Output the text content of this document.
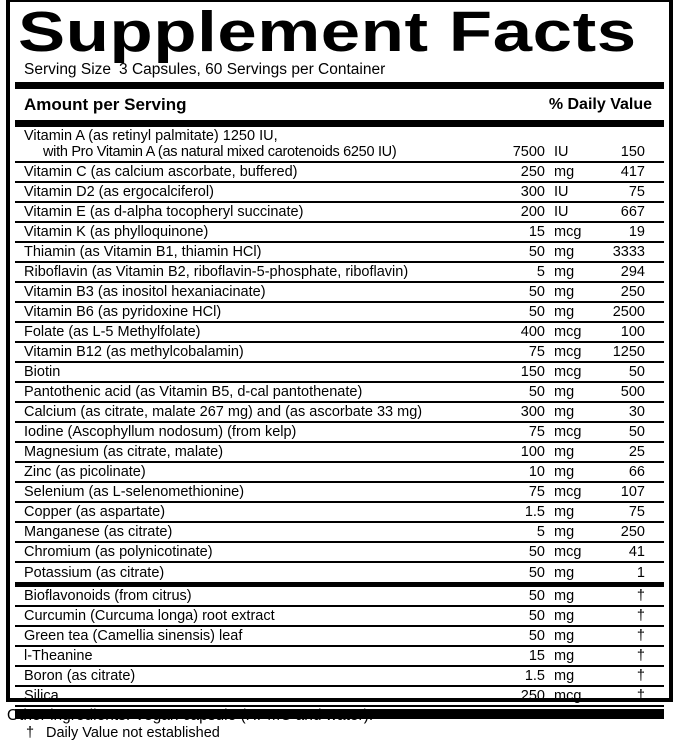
Supplement Facts
Serving Size 3 Capsules, 60 Servings per Container
Amount per Serving	% Daily Value
Vitamin A (as retinyl palmitate) 1250 IU,
with Pro Vitamin A (as natural mixed carotenoids 6250 IU)	7500 IU	150
Vitamin C (as calcium ascorbate, buffered)	250 mg	417
Vitamin D2 (as ergocalciferol)	300 IU	75
Vitamin E (as d-alpha tocopheryl succinate)	200 IU	667
Vitamin K (as phylloquinone)	15 mcg	19
Thiamin (as Vitamin B1, thiamin HCl)	50 mg	3333
Riboflavin (as Vitamin B2, riboflavin-5-phosphate, riboflavin)	5 mg	294
Vitamin B3 (as inositol hexaniacinate)	50 mg	250
Vitamin B6 (as pyridoxine HCl)	50 mg	2500
Folate (as L-5 Methylfolate)	400 mcg	100
Vitamin B12 (as methylcobalamin)	75 mcg	1250
Biotin	150 mcg	50
Pantothenic acid (as Vitamin B5, d-cal pantothenate)	50 mg	500
Calcium (as citrate, malate 267 mg) and (as ascorbate 33 mg)	300 mg	30
Iodine (Ascophyllum nodosum) (from kelp)	75 mcg	50
Magnesium (as citrate, malate)	100 mg	25
Zinc (as picolinate)	10 mg	66
Selenium (as L-selenomethionine)	75 mcg	107
Copper (as aspartate)	1.5 mg	75
Manganese (as citrate)	5 mg	250
Chromium (as polynicotinate)	50 mcg	41
Potassium (as citrate)	50 mg	1
Bioflavonoids (from citrus)	50 mg	†
Curcumin (Curcuma longa) root extract	50 mg	†
Green tea (Camellia sinensis) leaf	50 mg	†
l-Theanine	15 mg	†
Boron (as citrate)	1.5 mg	†
Silica	250 mcg	†
† Daily Value not established
Other ingredients: Vegan capsule (HPMC and water).
